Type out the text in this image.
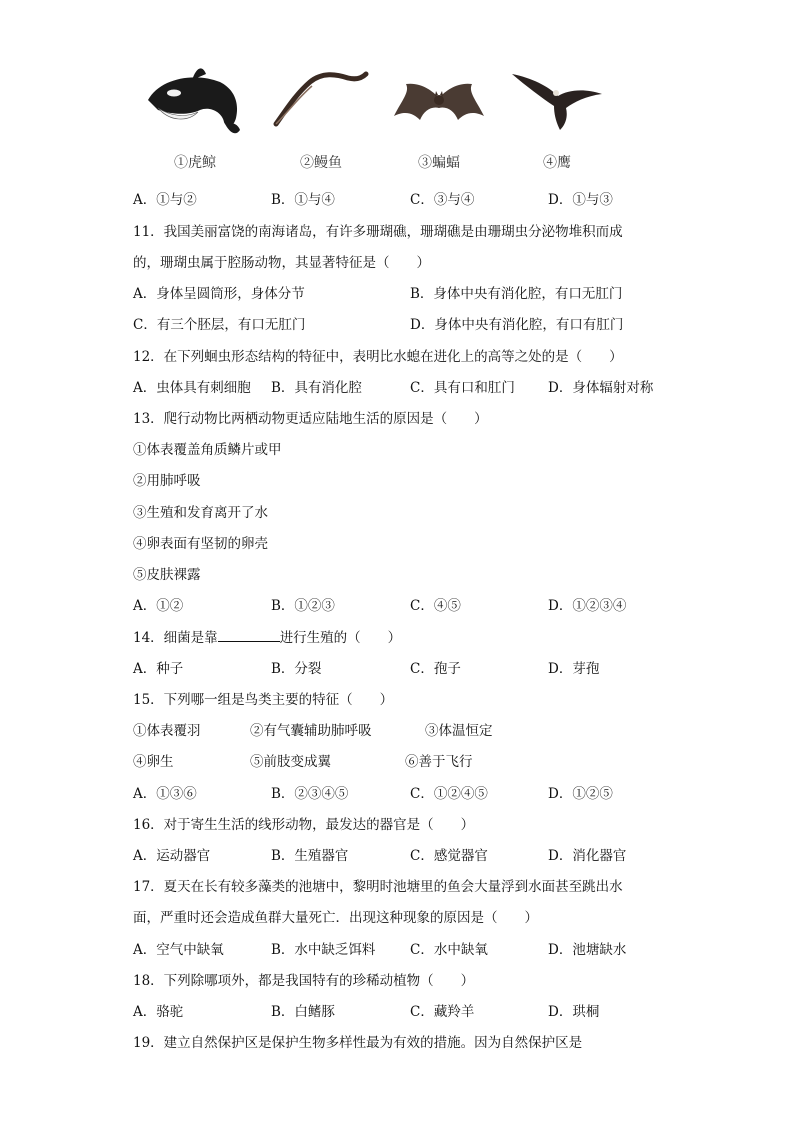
①虎鲸	②鳗鱼	③蝙蝠	④鹰
A．①与②	B．①与④	C．③与④	D．①与③
11．我国美丽富饶的南海诸岛，有许多珊瑚礁，珊瑚礁是由珊瑚虫分泌物堆积而成
的，珊瑚虫属于腔肠动物，其显著特征是（　　）
A．身体呈圆筒形，身体分节	B．身体中央有消化腔，有口无肛门
C．有三个胚层，有口无肛门	D．身体中央有消化腔，有口有肛门
12．在下列蛔虫形态结构的特征中，表明比水螅在进化上的高等之处的是（　　）
A．虫体具有刺细胞 B．具有消化腔	C．具有口和肛门 D．身体辐射对称
13．爬行动物比两栖动物更适应陆地生活的原因是（　　）
①体表覆盖角质鳞片或甲
②用肺呼吸
③生殖和发育离开了水
④卵表面有坚韧的卵壳
⑤皮肤裸露
A．①②	B．①②③	C．④⑤	D．①②③④
14．细菌是靠	进行生殖的（　　）
A．种子	B．分裂	C．孢子	D．芽孢
15．下列哪一组是鸟类主要的特征（　　）
①体表覆羽	②有气囊辅助肺呼吸	③体温恒定
④卵生	⑤前肢变成翼	⑥善于飞行
A．①③⑥	B．②③④⑤	C．①②④⑤	D．①②⑤
16．对于寄生生活的线形动物，最发达的器官是（　　）
A．运动器官	B．生殖器官	C．感觉器官	D．消化器官
17．夏天在长有较多藻类的池塘中，黎明时池塘里的鱼会大量浮到水面甚至跳出水
面，严重时还会造成鱼群大量死亡．出现这种现象的原因是（　　）
A．空气中缺氧	B．水中缺乏饵料	C．水中缺氧	D．池塘缺水
18．下列除哪项外，都是我国特有的珍稀动植物（　　）
A．骆驼	B．白鳍豚	C．藏羚羊	D．珙桐
19．建立自然保护区是保护生物多样性最为有效的措施。因为自然保护区是
